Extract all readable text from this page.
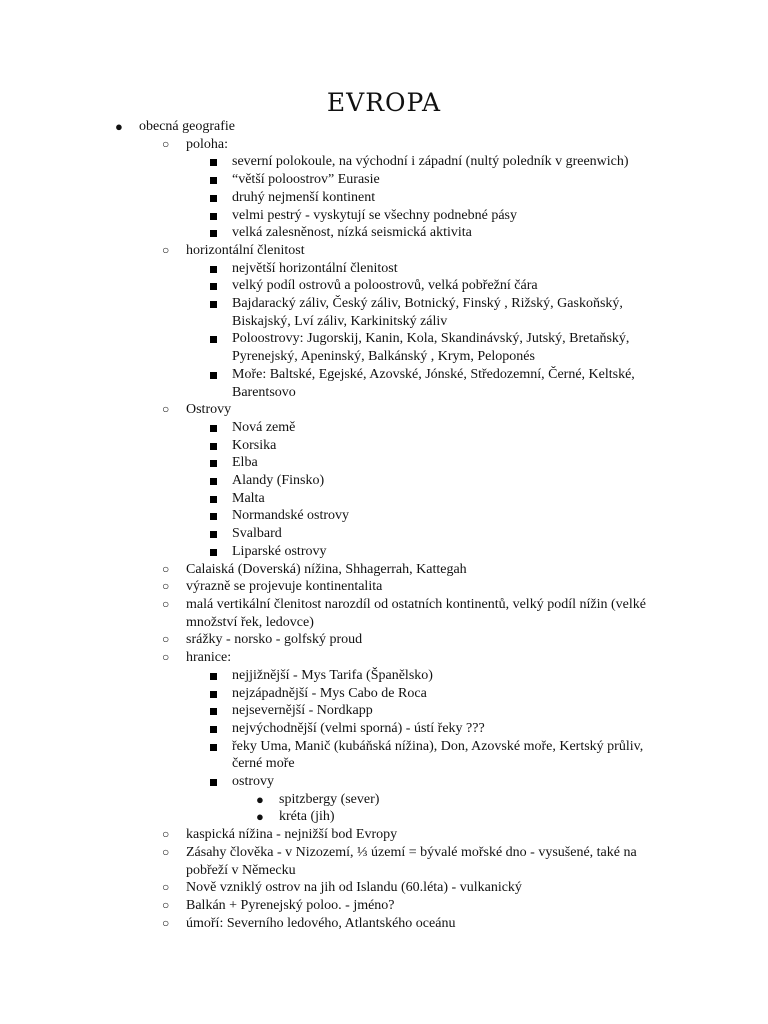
EVROPA
● obecná geografie
○ poloha:
severní polokoule, na východní i západní (nultý poledník v greenwich)
“větší poloostrov” Eurasie
druhý nejmenší kontinent
velmi pestrý - vyskytují se všechny podnebné pásy
velká zalesněnost, nízká seismická aktivita
○ horizontální členitost
největší horizontální členitost
velký podíl ostrovů a poloostrovů, velká pobřežní čára
Bajdaracký záliv, Český záliv, Botnický, Finský , Rižský, Gaskoňský, Biskajský, Lví záliv, Karkinitský záliv
Poloostrovy: Jugorskij, Kanin, Kola, Skandinávský, Jutský, Bretaňský, Pyrenejský, Apeninský, Balkánský , Krym, Peloponés
Moře: Baltské, Egejské, Azovské, Jónské, Středozemní, Černé, Keltské, Barentsovo
○ Ostrovy
Nová země
Korsika
Elba
Alandy (Finsko)
Malta
Normandské ostrovy
Svalbard
Liparské ostrovy
○ Calaiská (Doverská) nížina, Shhagerrah, Kattegah
○ výrazně se projevuje kontinentalita
○ malá vertikální členitost narozdíl od ostatních kontinentů, velký podíl nížin (velké množství řek, ledovce)
○ srážky - norsko - golfský proud
○ hranice:
nejjižnější - Mys Tarifa (Španělsko)
nejzápadnější - Mys Cabo de Roca
nejsevernější - Nordkapp
nejvýchodnější (velmi sporná) - ústí řeky ???
řeky Uma, Manič (kubáňská nížina), Don, Azovské moře, Kertský průliv, černé moře
ostrovy
● spitzbergy (sever)
● kréta (jih)
○ kaspická nížina - nejnižší bod Evropy
○ Zásahy člověka - v Nizozemí, ⅓ území = bývalé mořské dno - vysušené, také na pobřeží v Německu
○ Nově vzniklý ostrov na jih od Islandu (60.léta) - vulkanický
○ Balkán + Pyrenejský poloo. - jméno?
○ úmoří: Severního ledového, Atlantského oceánu
